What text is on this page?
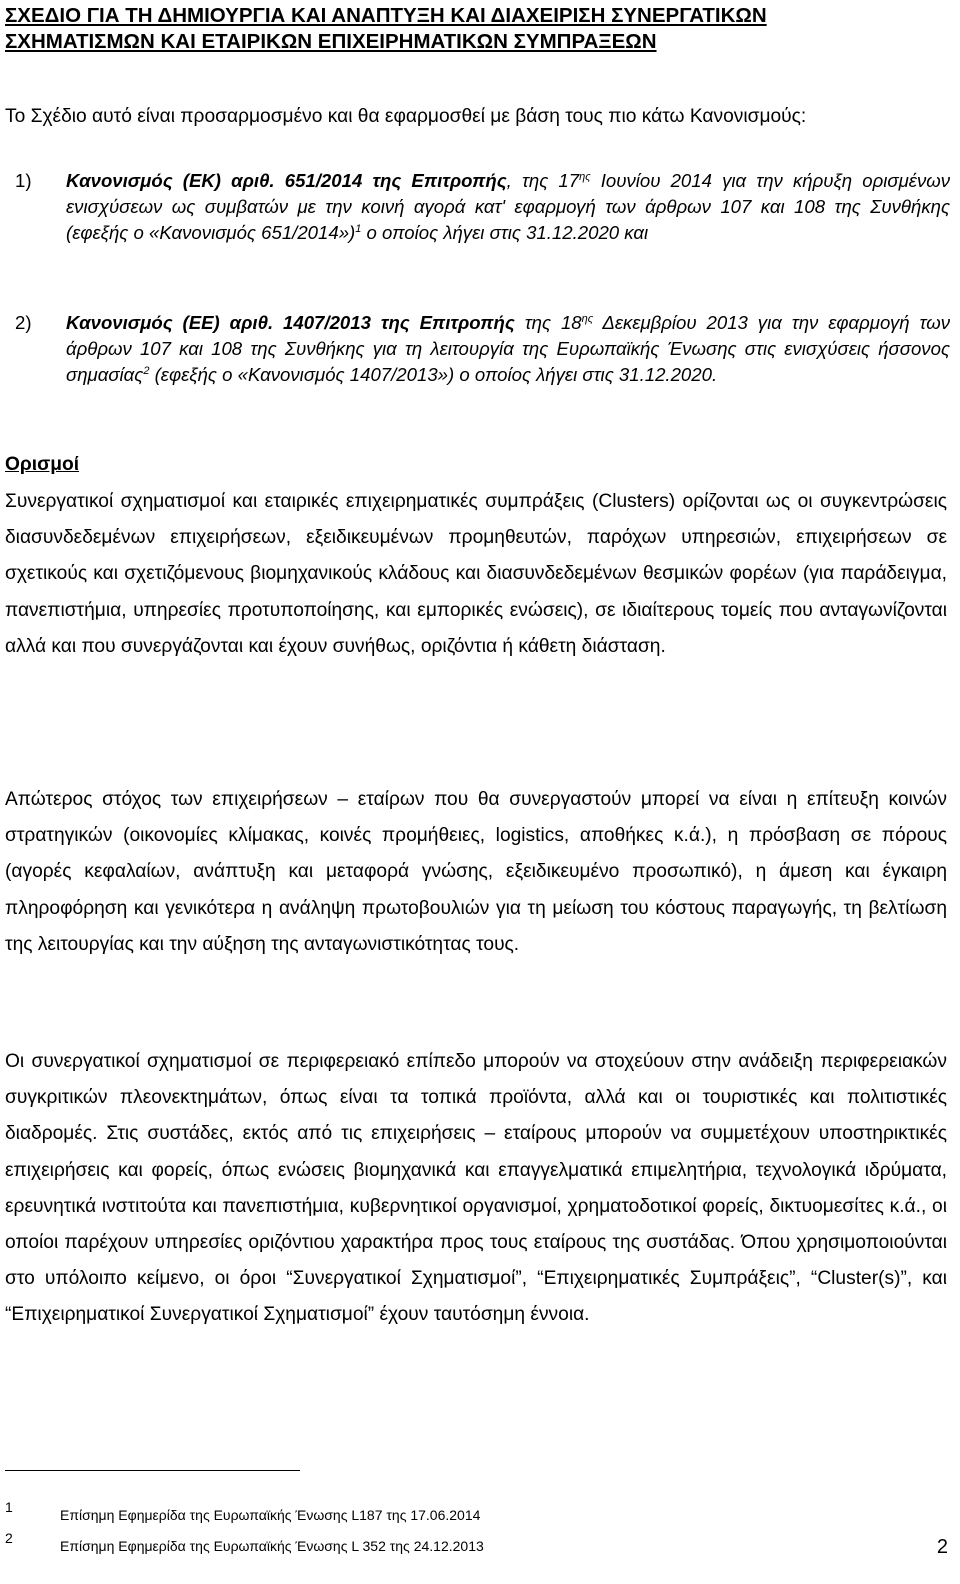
ΣΧΕΔΙΟ ΓΙΑ ΤΗ ΔΗΜΙΟΥΡΓΙΑ ΚΑΙ ΑΝΑΠΤΥΞΗ ΚΑΙ ΔΙΑΧΕΙΡΙΣΗ ΣΥΝΕΡΓΑΤΙΚΩΝ
ΣΧΗΜΑΤΙΣΜΩΝ ΚΑΙ ΕΤΑΙΡΙΚΩΝ ΕΠΙΧΕΙΡΗΜΑΤΙΚΩΝ ΣΥΜΠΡΑΞΕΩΝ
Το Σχέδιο αυτό είναι προσαρμοσμένο και θα εφαρμοσθεί με βάση τους πιο κάτω Κανονισμούς:
1) Κανονισμός (ΕΚ) αριθ. 651/2014 της Επιτροπής, της $17^{\eta\varsigma}$ Ιουνίου 2014 για την κήρυξη ορισμένων ενισχύσεων ως συμβατών με την κοινή αγορά κατ' εφαρμογή των άρθρων 107 και 108 της Συνθήκης (εφεξής ο «Κανονισμός 651/2014»)$^1$ ο οποίος λήγει στις 31.12.2020 και
2) Κανονισμός (ΕΕ) αριθ. 1407/2013 της Επιτροπής της $18^{\eta\varsigma}$ Δεκεμβρίου 2013 για την εφαρμογή των άρθρων 107 και 108 της Συνθήκης για τη λειτουργία της Ευρωπαϊκής Ένωσης στις ενισχύσεις ήσσονος σημασίας$^2$ (εφεξής ο «Κανονισμός 1407/2013») ο οποίος λήγει στις 31.12.2020.
Ορισμοί
Συνεργατικοί σχηματισμοί και εταιρικές επιχειρηματικές συμπράξεις (Clusters) ορίζονται ως οι συγκεντρώσεις διασυνδεδεμένων επιχειρήσεων, εξειδικευμένων προμηθευτών, παρόχων υπηρεσιών, επιχειρήσεων σε σχετικούς και σχετιζόμενους βιομηχανικούς κλάδους και διασυνδεδεμένων θεσμικών φορέων (για παράδειγμα, πανεπιστήμια, υπηρεσίες προτυποποίησης, και εμπορικές ενώσεις), σε ιδιαίτερους τομείς που ανταγωνίζονται αλλά και που συνεργάζονται και έχουν συνήθως, οριζόντια ή κάθετη διάσταση.
Απώτερος στόχος των επιχειρήσεων – εταίρων που θα συνεργαστούν μπορεί να είναι η επίτευξη κοινών στρατηγικών (οικονομίες κλίμακας, κοινές προμήθειες, logistics, αποθήκες κ.ά.), η πρόσβαση σε πόρους (αγορές κεφαλαίων, ανάπτυξη και μεταφορά γνώσης, εξειδικευμένο προσωπικό), η άμεση και έγκαιρη πληροφόρηση και γενικότερα η ανάληψη πρωτοβουλιών για τη μείωση του κόστους παραγωγής, τη βελτίωση της λειτουργίας και την αύξηση της ανταγωνιστικότητας τους.
Οι συνεργατικοί σχηματισμοί σε περιφερειακό επίπεδο μπορούν να στοχεύουν στην ανάδειξη περιφερειακών συγκριτικών πλεονεκτημάτων, όπως είναι τα τοπικά προϊόντα, αλλά και οι τουριστικές και πολιτιστικές διαδρομές. Στις συστάδες, εκτός από τις επιχειρήσεις – εταίρους μπορούν να συμμετέχουν υποστηρικτικές επιχειρήσεις και φορείς, όπως ενώσεις βιομηχανικά και επαγγελματικά επιμελητήρια, τεχνολογικά ιδρύματα, ερευνητικά ινστιτούτα και πανεπιστήμια, κυβερνητικοί οργανισμοί, χρηματοδοτικοί φορείς, δικτυομεσίτες κ.ά., οι οποίοι παρέχουν υπηρεσίες οριζόντιου χαρακτήρα προς τους εταίρους της συστάδας. Όπου χρησιμοποιούνται στο υπόλοιπο κείμενο, οι όροι “Συνεργατικοί Σχηματισμοί”, “Επιχειρηματικές Συμπράξεις”, “Cluster(s)”, και “Επιχειρηματικοί Συνεργατικοί Σχηματισμοί” έχουν ταυτόσημη έννοια.
1	Επίσημη Εφημερίδα της Ευρωπαϊκής Ένωσης L187 της 17.06.2014
2	Επίσημη Εφημερίδα της Ευρωπαϊκής Ένωσης L 352 της 24.12.2013	2
